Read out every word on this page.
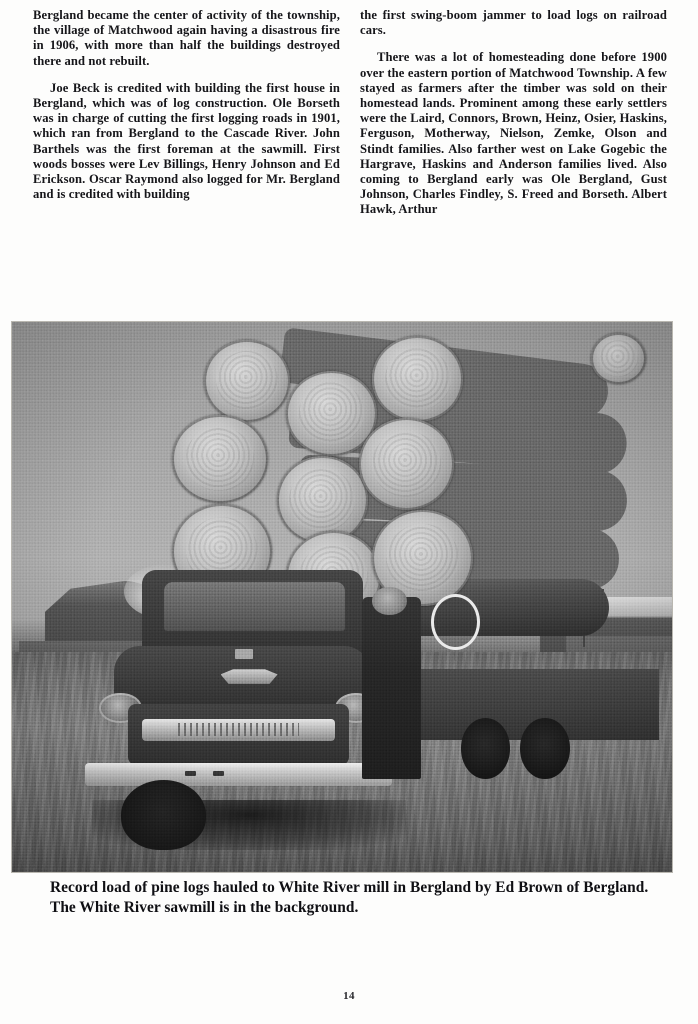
Bergland became the center of activity of the township, the village of Matchwood again having a disastrous fire in 1906, with more than half the buildings destroyed there and not rebuilt.

Joe Beck is credited with building the first house in Bergland, which was of log construction. Ole Borseth was in charge of cutting the first logging roads in 1901, which ran from Bergland to the Cascade River. John Barthels was the first foreman at the sawmill. First woods bosses were Lev Billings, Henry Johnson and Ed Erickson. Oscar Raymond also logged for Mr. Bergland and is credited with building

the first swing-boom jammer to load logs on railroad cars.

There was a lot of homesteading done before 1900 over the eastern portion of Matchwood Township. A few stayed as farmers after the timber was sold on their homestead lands. Prominent among these early settlers were the Laird, Connors, Brown, Heinz, Osier, Haskins, Ferguson, Motherway, Nielson, Zemke, Olson and Stindt families. Also farther west on Lake Gogebic the Hargrave, Haskins and Anderson families lived. Also coming to Bergland early was Ole Bergland, Gust Johnson, Charles Findley, S. Freed and Borseth. Albert Hawk, Arthur

Record load of pine logs hauled to White River mill in Bergland by Ed Brown of Bergland. The White River sawmill is in the background.
14
